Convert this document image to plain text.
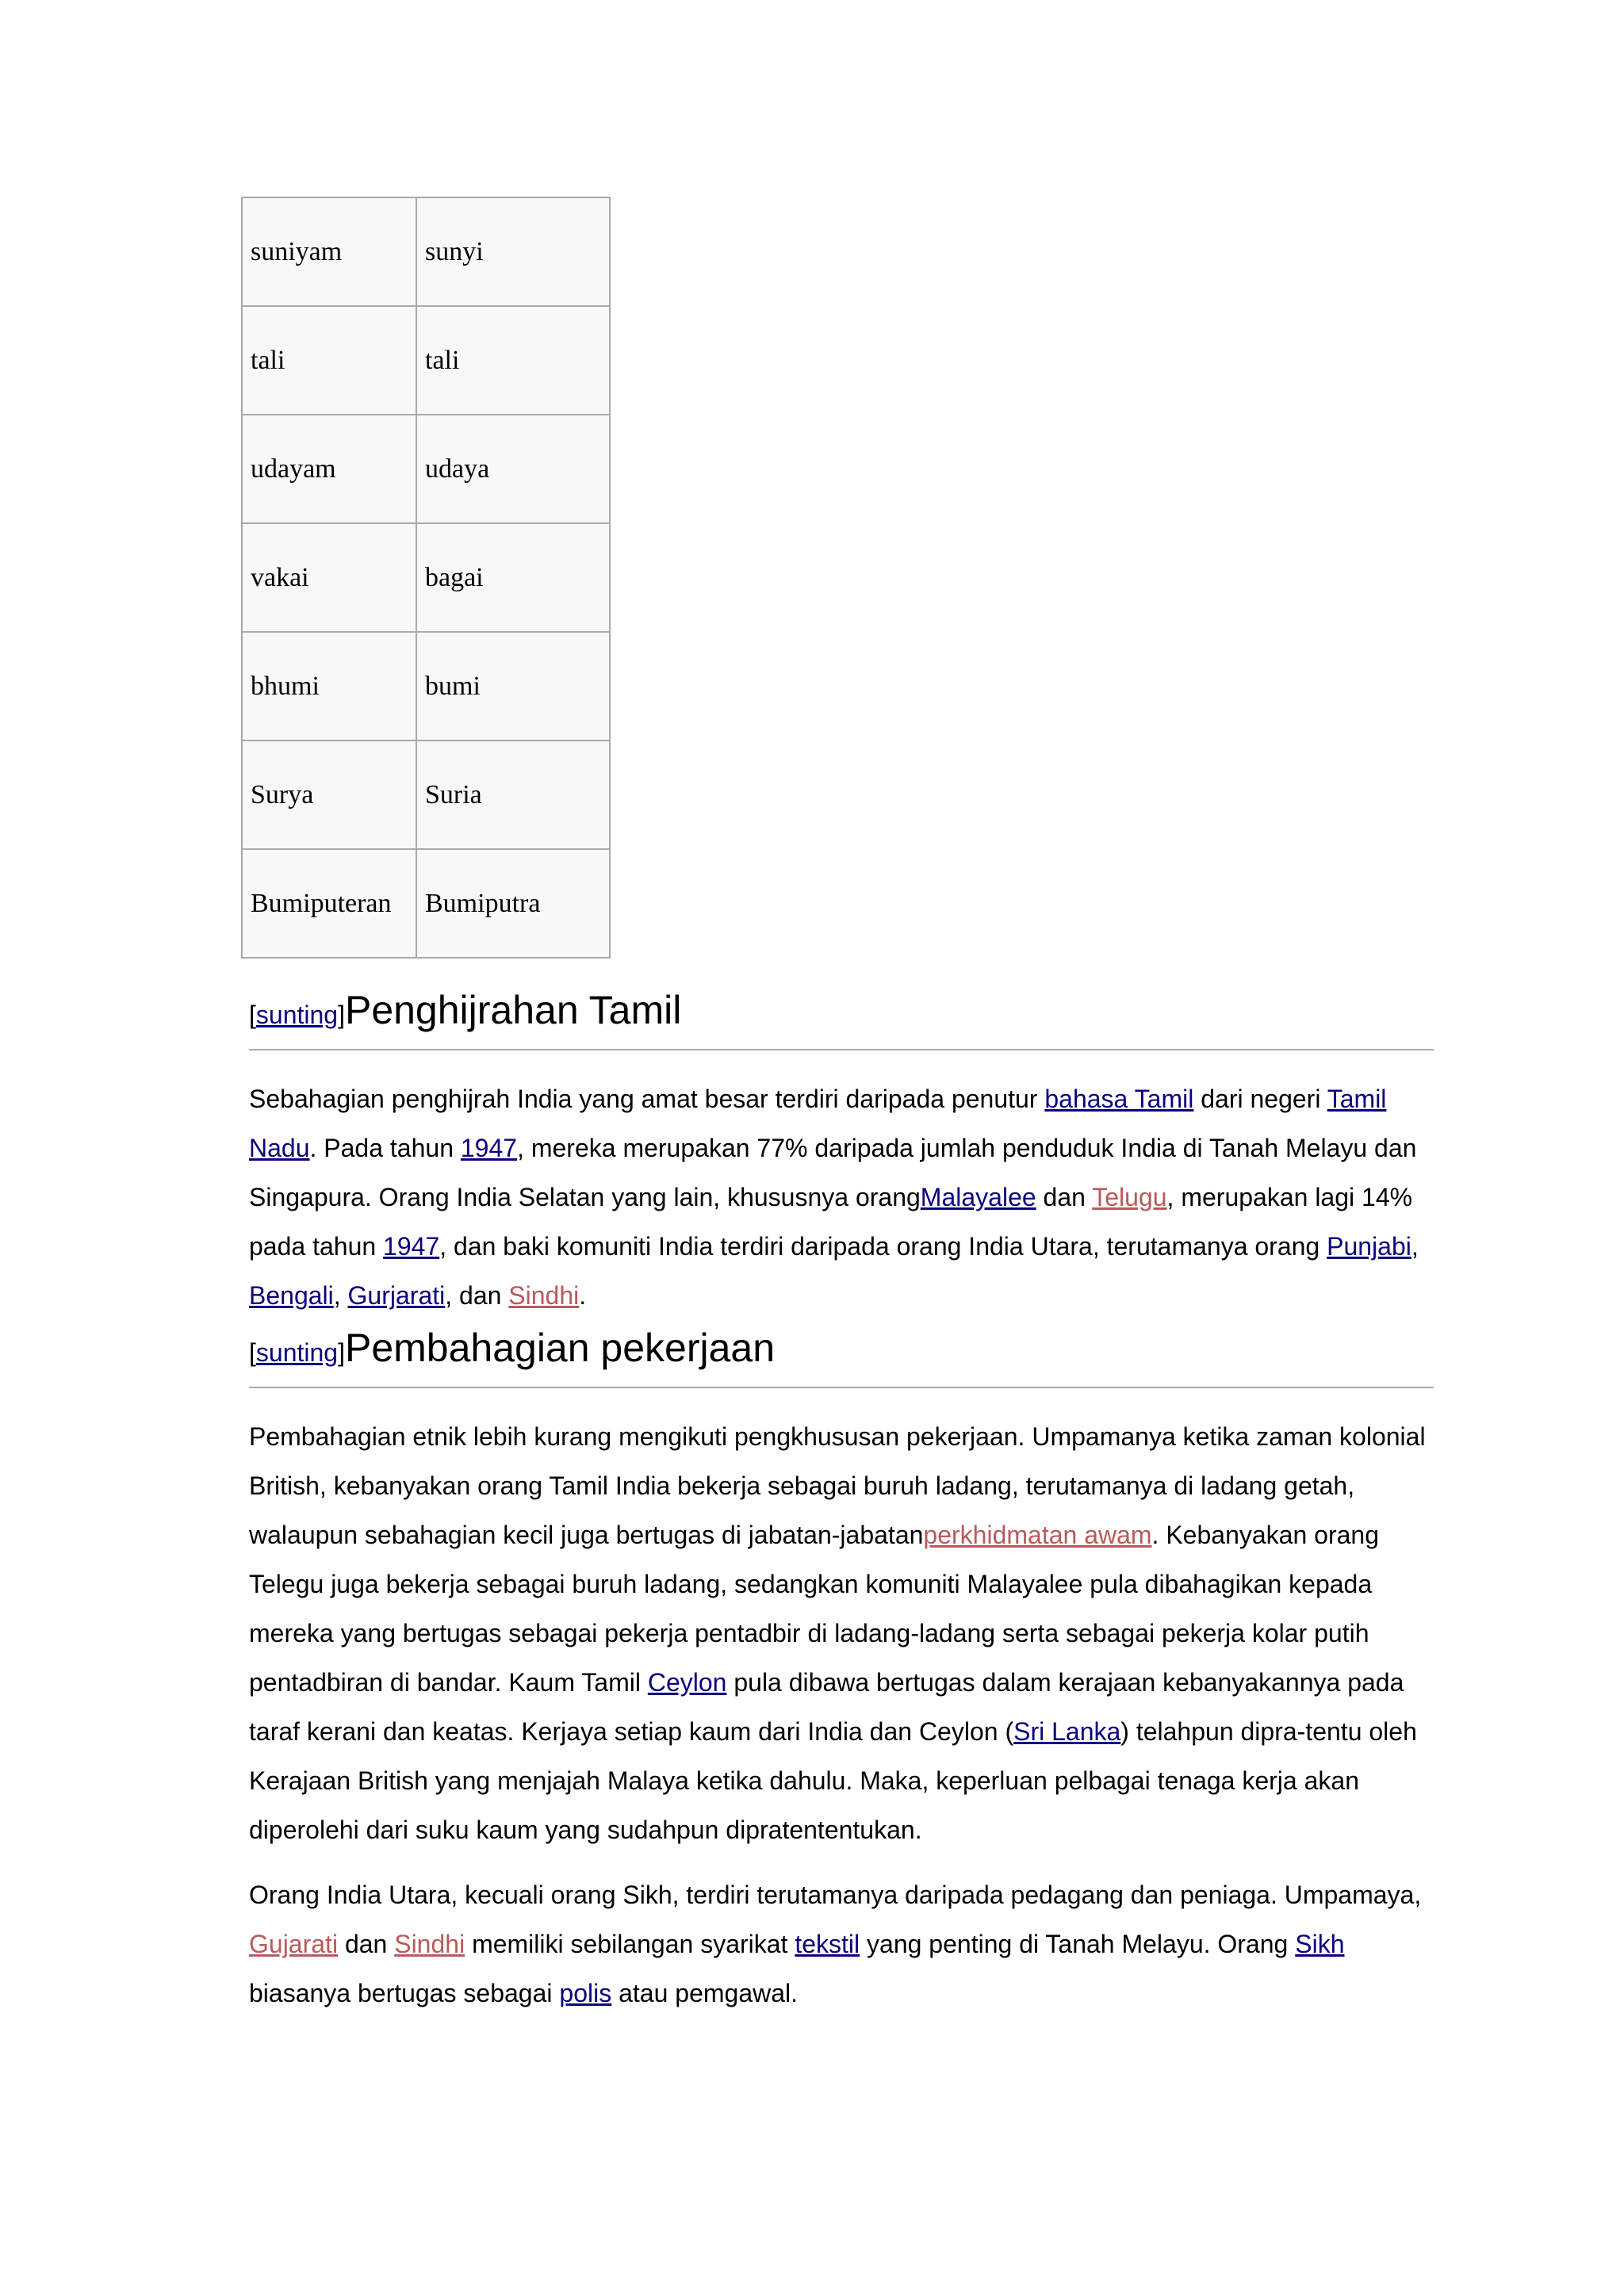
suniyam	sunyi
tali	tali
udayam	udaya
vakai	bagai
bhumi	bumi
Surya	Suria
Bumiputeran	Bumiputra
[sunting]Penghijrahan Tamil

Sebahagian penghijrah India yang amat besar terdiri daripada penutur bahasa Tamil dari negeri Tamil Nadu. Pada tahun 1947, mereka merupakan 77% daripada jumlah penduduk India di Tanah Melayu dan Singapura. Orang India Selatan yang lain, khususnya orangMalayalee dan Telugu, merupakan lagi 14% pada tahun 1947, dan baki komuniti India terdiri daripada orang India Utara, terutamanya orang Punjabi, Bengali, Gurjarati, dan Sindhi.

[sunting]Pembahagian pekerjaan

Pembahagian etnik lebih kurang mengikuti pengkhususan pekerjaan. Umpamanya ketika zaman kolonial British, kebanyakan orang Tamil India bekerja sebagai buruh ladang, terutamanya di ladang getah, walaupun sebahagian kecil juga bertugas di jabatan-jabatanperkhidmatan awam. Kebanyakan orang Telegu juga bekerja sebagai buruh ladang, sedangkan komuniti Malayalee pula dibahagikan kepada mereka yang bertugas sebagai pekerja pentadbir di ladang-ladang serta sebagai pekerja kolar putih pentadbiran di bandar. Kaum Tamil Ceylon pula dibawa bertugas dalam kerajaan kebanyakannya pada taraf kerani dan keatas. Kerjaya setiap kaum dari India dan Ceylon (Sri Lanka) telahpun dipra-tentu oleh Kerajaan British yang menjajah Malaya ketika dahulu. Maka, keperluan pelbagai tenaga kerja akan diperolehi dari suku kaum yang sudahpun dipratententukan.

Orang India Utara, kecuali orang Sikh, terdiri terutamanya daripada pedagang dan peniaga. Umpamaya, Gujarati dan Sindhi memiliki sebilangan syarikat tekstil yang penting di Tanah Melayu. Orang Sikh biasanya bertugas sebagai polis atau pemgawal.
